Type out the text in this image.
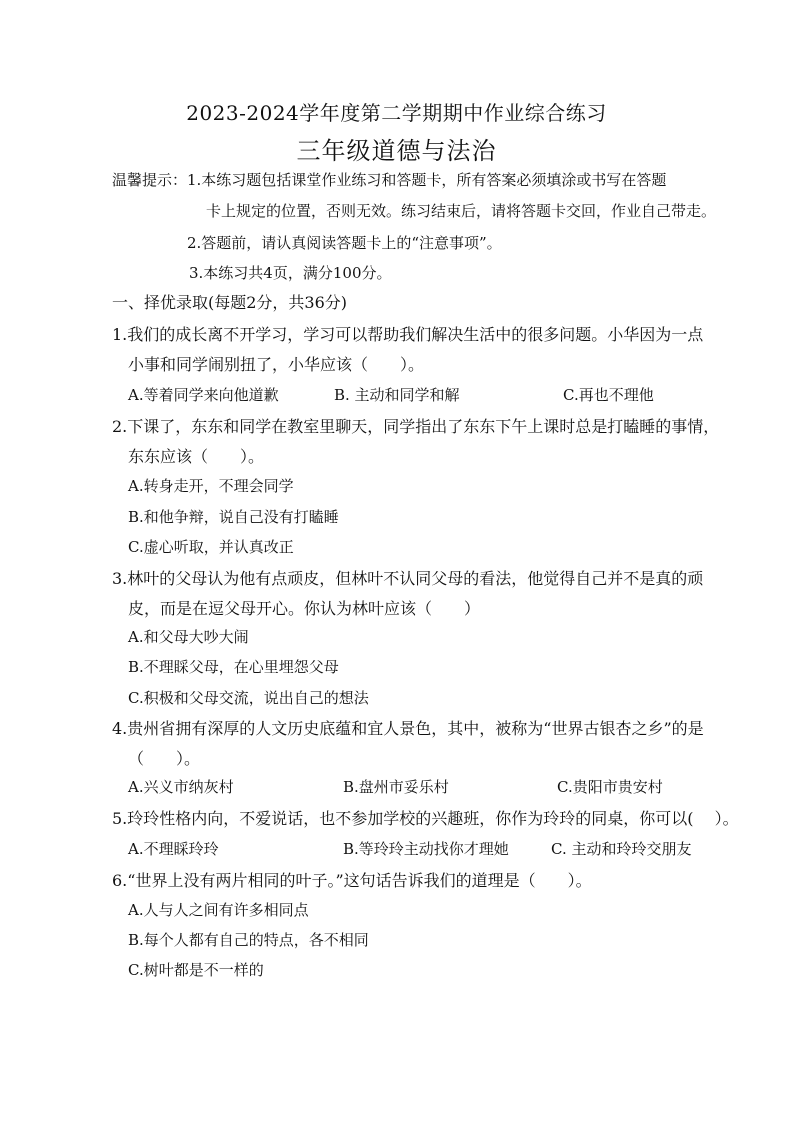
2023-2024学年度第二学期期中作业综合练习
三年级道德与法治
温馨提示：1.本练习题包括课堂作业练习和答题卡，所有答案必须填涂或书写在答题
卡上规定的位置，否则无效。练习结束后，请将答题卡交回，作业自己带走。
2.答题前，请认真阅读答题卡上的“注意事项”。
3.本练习共4页，满分100分。
一、择优录取(每题2分，共36分)
1.我们的成长离不开学习，学习可以帮助我们解决生活中的很多问题。小华因为一点
小事和同学闹别扭了，小华应该（　　）。
A.等着同学来向他道歉	B. 主动和同学和解	C.再也不理他
2.下课了，东东和同学在教室里聊天，同学指出了东东下午上课时总是打瞌睡的事情，
东东应该（　　）。
A.转身走开，不理会同学
B.和他争辩，说自己没有打瞌睡
C.虚心听取，并认真改正
3.林叶的父母认为他有点顽皮，但林叶不认同父母的看法，他觉得自己并不是真的顽
皮，而是在逗父母开心。你认为林叶应该（　　）
A.和父母大吵大闹
B.不理睬父母，在心里埋怨父母
C.积极和父母交流，说出自己的想法
4.贵州省拥有深厚的人文历史底蕴和宜人景色，其中，被称为“世界古银杏之乡”的是
（　　）。
A.兴义市纳灰村	B.盘州市妥乐村	C.贵阳市贵安村
5.玲玲性格内向，不爱说话，也不参加学校的兴趣班，你作为玲玲的同桌，你可以(　 ）。
A.不理睬玲玲	B.等玲玲主动找你才理她	C. 主动和玲玲交朋友
6.“世界上没有两片相同的叶子。”这句话告诉我们的道理是（　　）。
A.人与人之间有许多相同点
B.每个人都有自己的特点，各不相同
C.树叶都是不一样的
